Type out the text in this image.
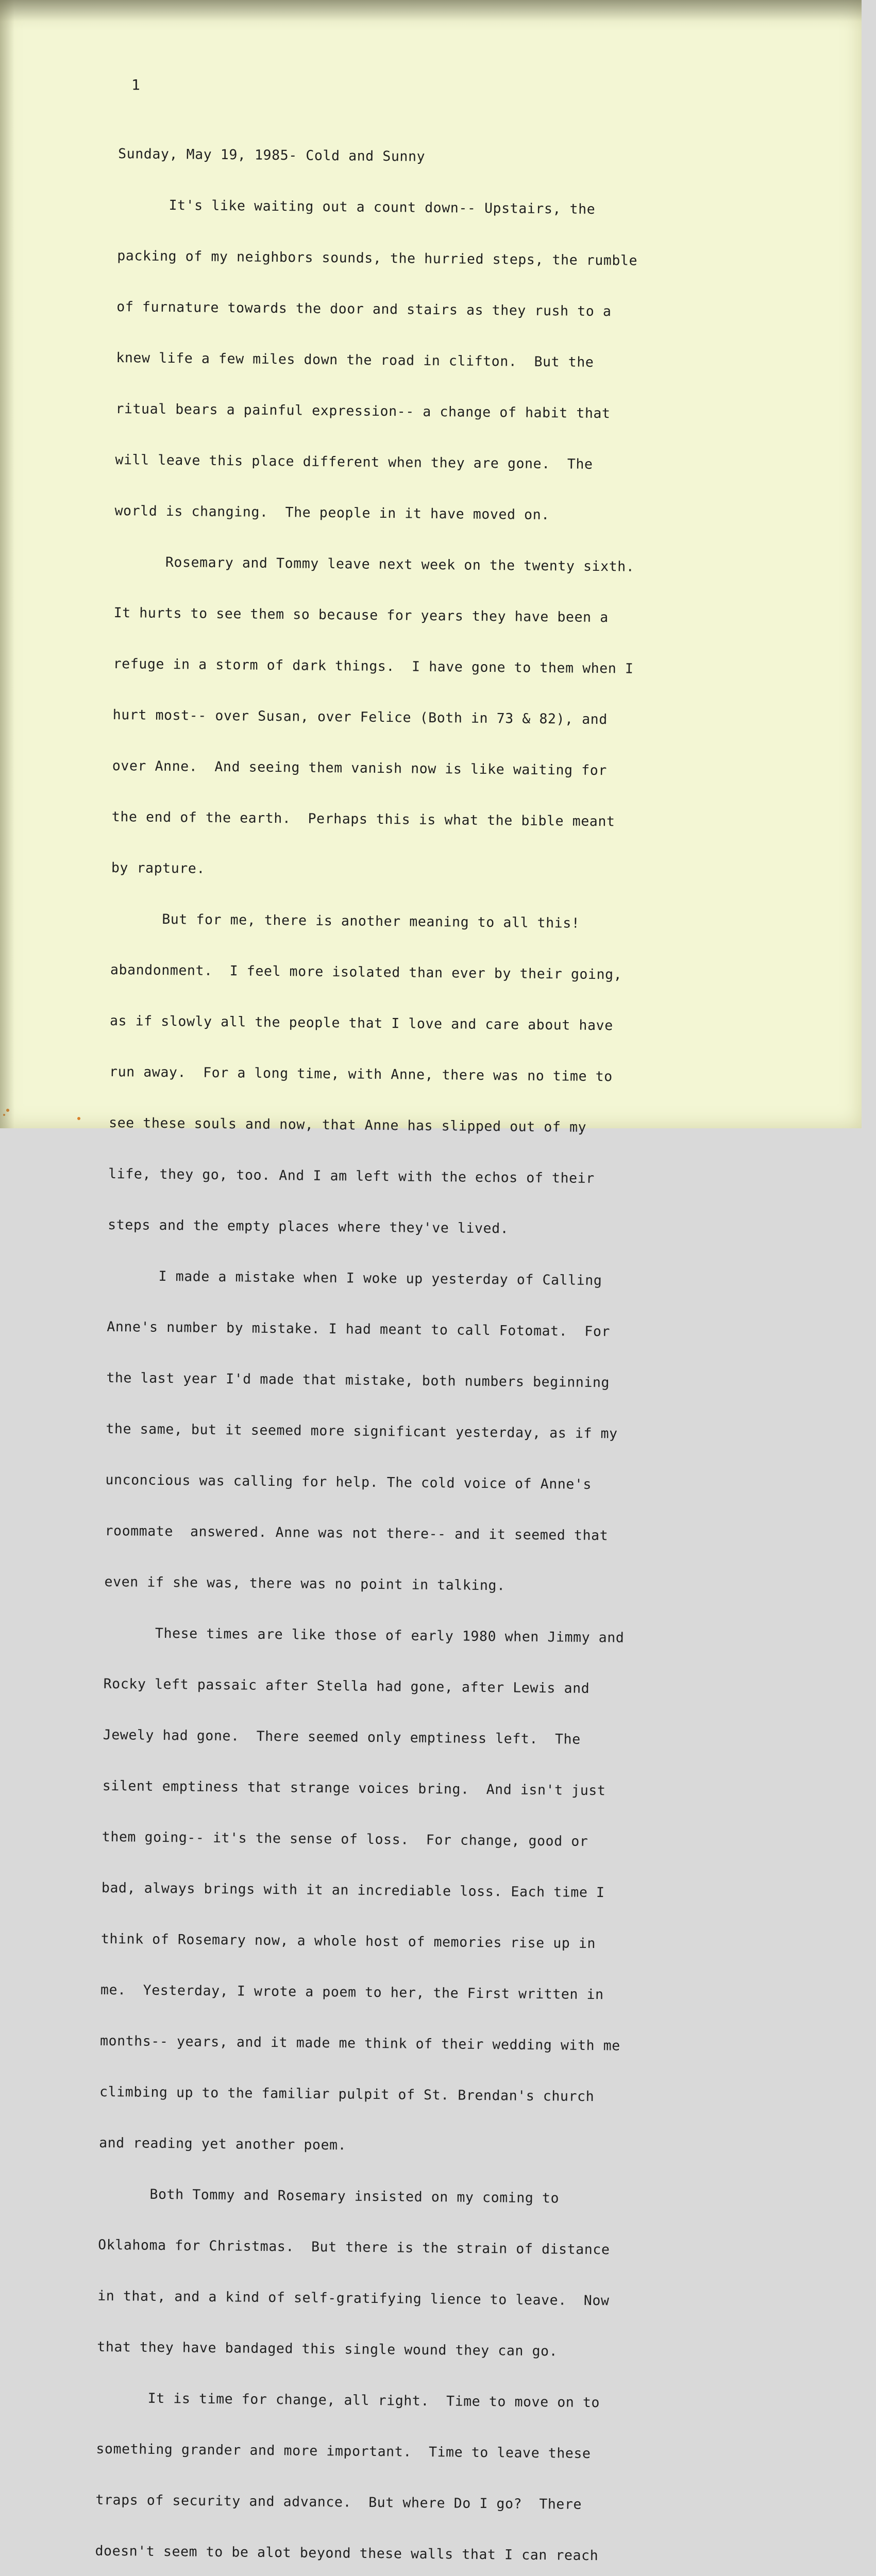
1

Sunday, May 19, 1985- Cold and Sunny

It's like waiting out a count down-- Upstairs, the

packing of my neighbors sounds, the hurried steps, the rumble

of furnature towards the door and stairs as they rush to a

knew life a few miles down the road in clifton.  But the

ritual bears a painful expression-- a change of habit that

will leave this place different when they are gone.  The

world is changing.  The people in it have moved on.

Rosemary and Tommy leave next week on the twenty sixth.

It hurts to see them so because for years they have been a

refuge in a storm of dark things.  I have gone to them when I

hurt most-- over Susan, over Felice (Both in 73 & 82), and

over Anne.  And seeing them vanish now is like waiting for

the end of the earth.  Perhaps this is what the bible meant

by rapture.

But for me, there is another meaning to all this!

abandonment.  I feel more isolated than ever by their going,

as if slowly all the people that I love and care about have

run away.  For a long time, with Anne, there was no time to

see these souls and now, that Anne has slipped out of my

life, they go, too. And I am left with the echos of their

steps and the empty places where they've lived.

I made a mistake when I woke up yesterday of Calling

Anne's number by mistake. I had meant to call Fotomat.  For

the last year I'd made that mistake, both numbers beginning

the same, but it seemed more significant yesterday, as if my

unconcious was calling for help. The cold voice of Anne's

roommate  answered. Anne was not there-- and it seemed that

even if she was, there was no point in talking.

These times are like those of early 1980 when Jimmy and

Rocky left passaic after Stella had gone, after Lewis and

Jewely had gone.  There seemed only emptiness left.  The

silent emptiness that strange voices bring.  And isn't just

them going-- it's the sense of loss.  For change, good or

bad, always brings with it an incrediable loss. Each time I

think of Rosemary now, a whole host of memories rise up in

me.  Yesterday, I wrote a poem to her, the First written in

months-- years, and it made me think of their wedding with me

climbing up to the familiar pulpit of St. Brendan's church

and reading yet another poem.

Both Tommy and Rosemary insisted on my coming to

Oklahoma for Christmas.  But there is the strain of distance

in that, and a kind of self-gratifying lience to leave.  Now

that they have bandaged this single wound they can go.

It is time for change, all right.  Time to move on to

something grander and more important.  Time to leave these

traps of security and advance.  But where Do I go?  There

doesn't seem to be alot beyond these walls that I can reach
